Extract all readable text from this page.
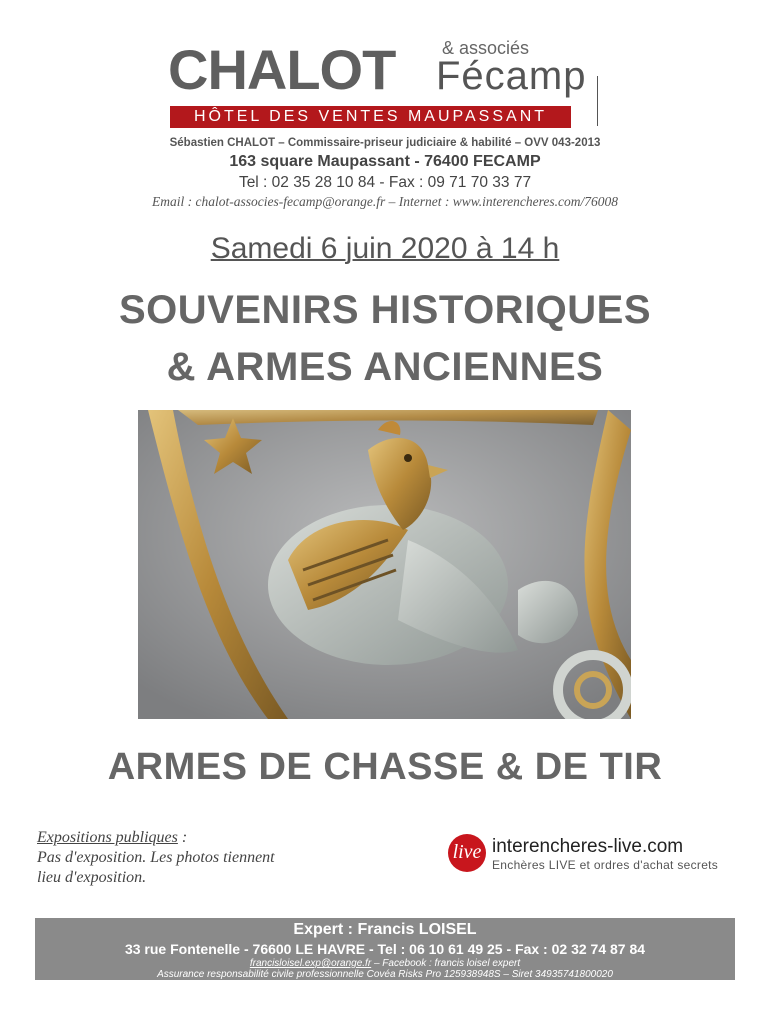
CHALOT	& associés
Fécamp
HÔTEL DES VENTES MAUPASSANT
Sébastien CHALOT – Commissaire-priseur judiciaire & habilité – OVV 043-2013
163 square Maupassant - 76400 FECAMP
Tel : 02 35 28 10 84 - Fax : 09 71 70 33 77
Email : chalot-associes-fecamp@orange.fr – Internet : www.interencheres.com/76008
Samedi 6 juin 2020 à 14 h
SOUVENIRS HISTORIQUES
& ARMES ANCIENNES
ARMES DE CHASSE & DE TIR
Expositions publiques :
Pas d'exposition. Les photos tiennent
lieu d'exposition.
live interencheres-live.com
Enchères LIVE et ordres d'achat secrets
Expert : Francis LOISEL
33 rue Fontenelle - 76600 LE HAVRE - Tel : 06 10 61 49 25 - Fax : 02 32 74 87 84
francisloisel.exp@orange.fr – Facebook : francis loisel expert
Assurance responsabilité civile professionnelle Covéa Risks Pro 125938948S – Siret 34935741800020
